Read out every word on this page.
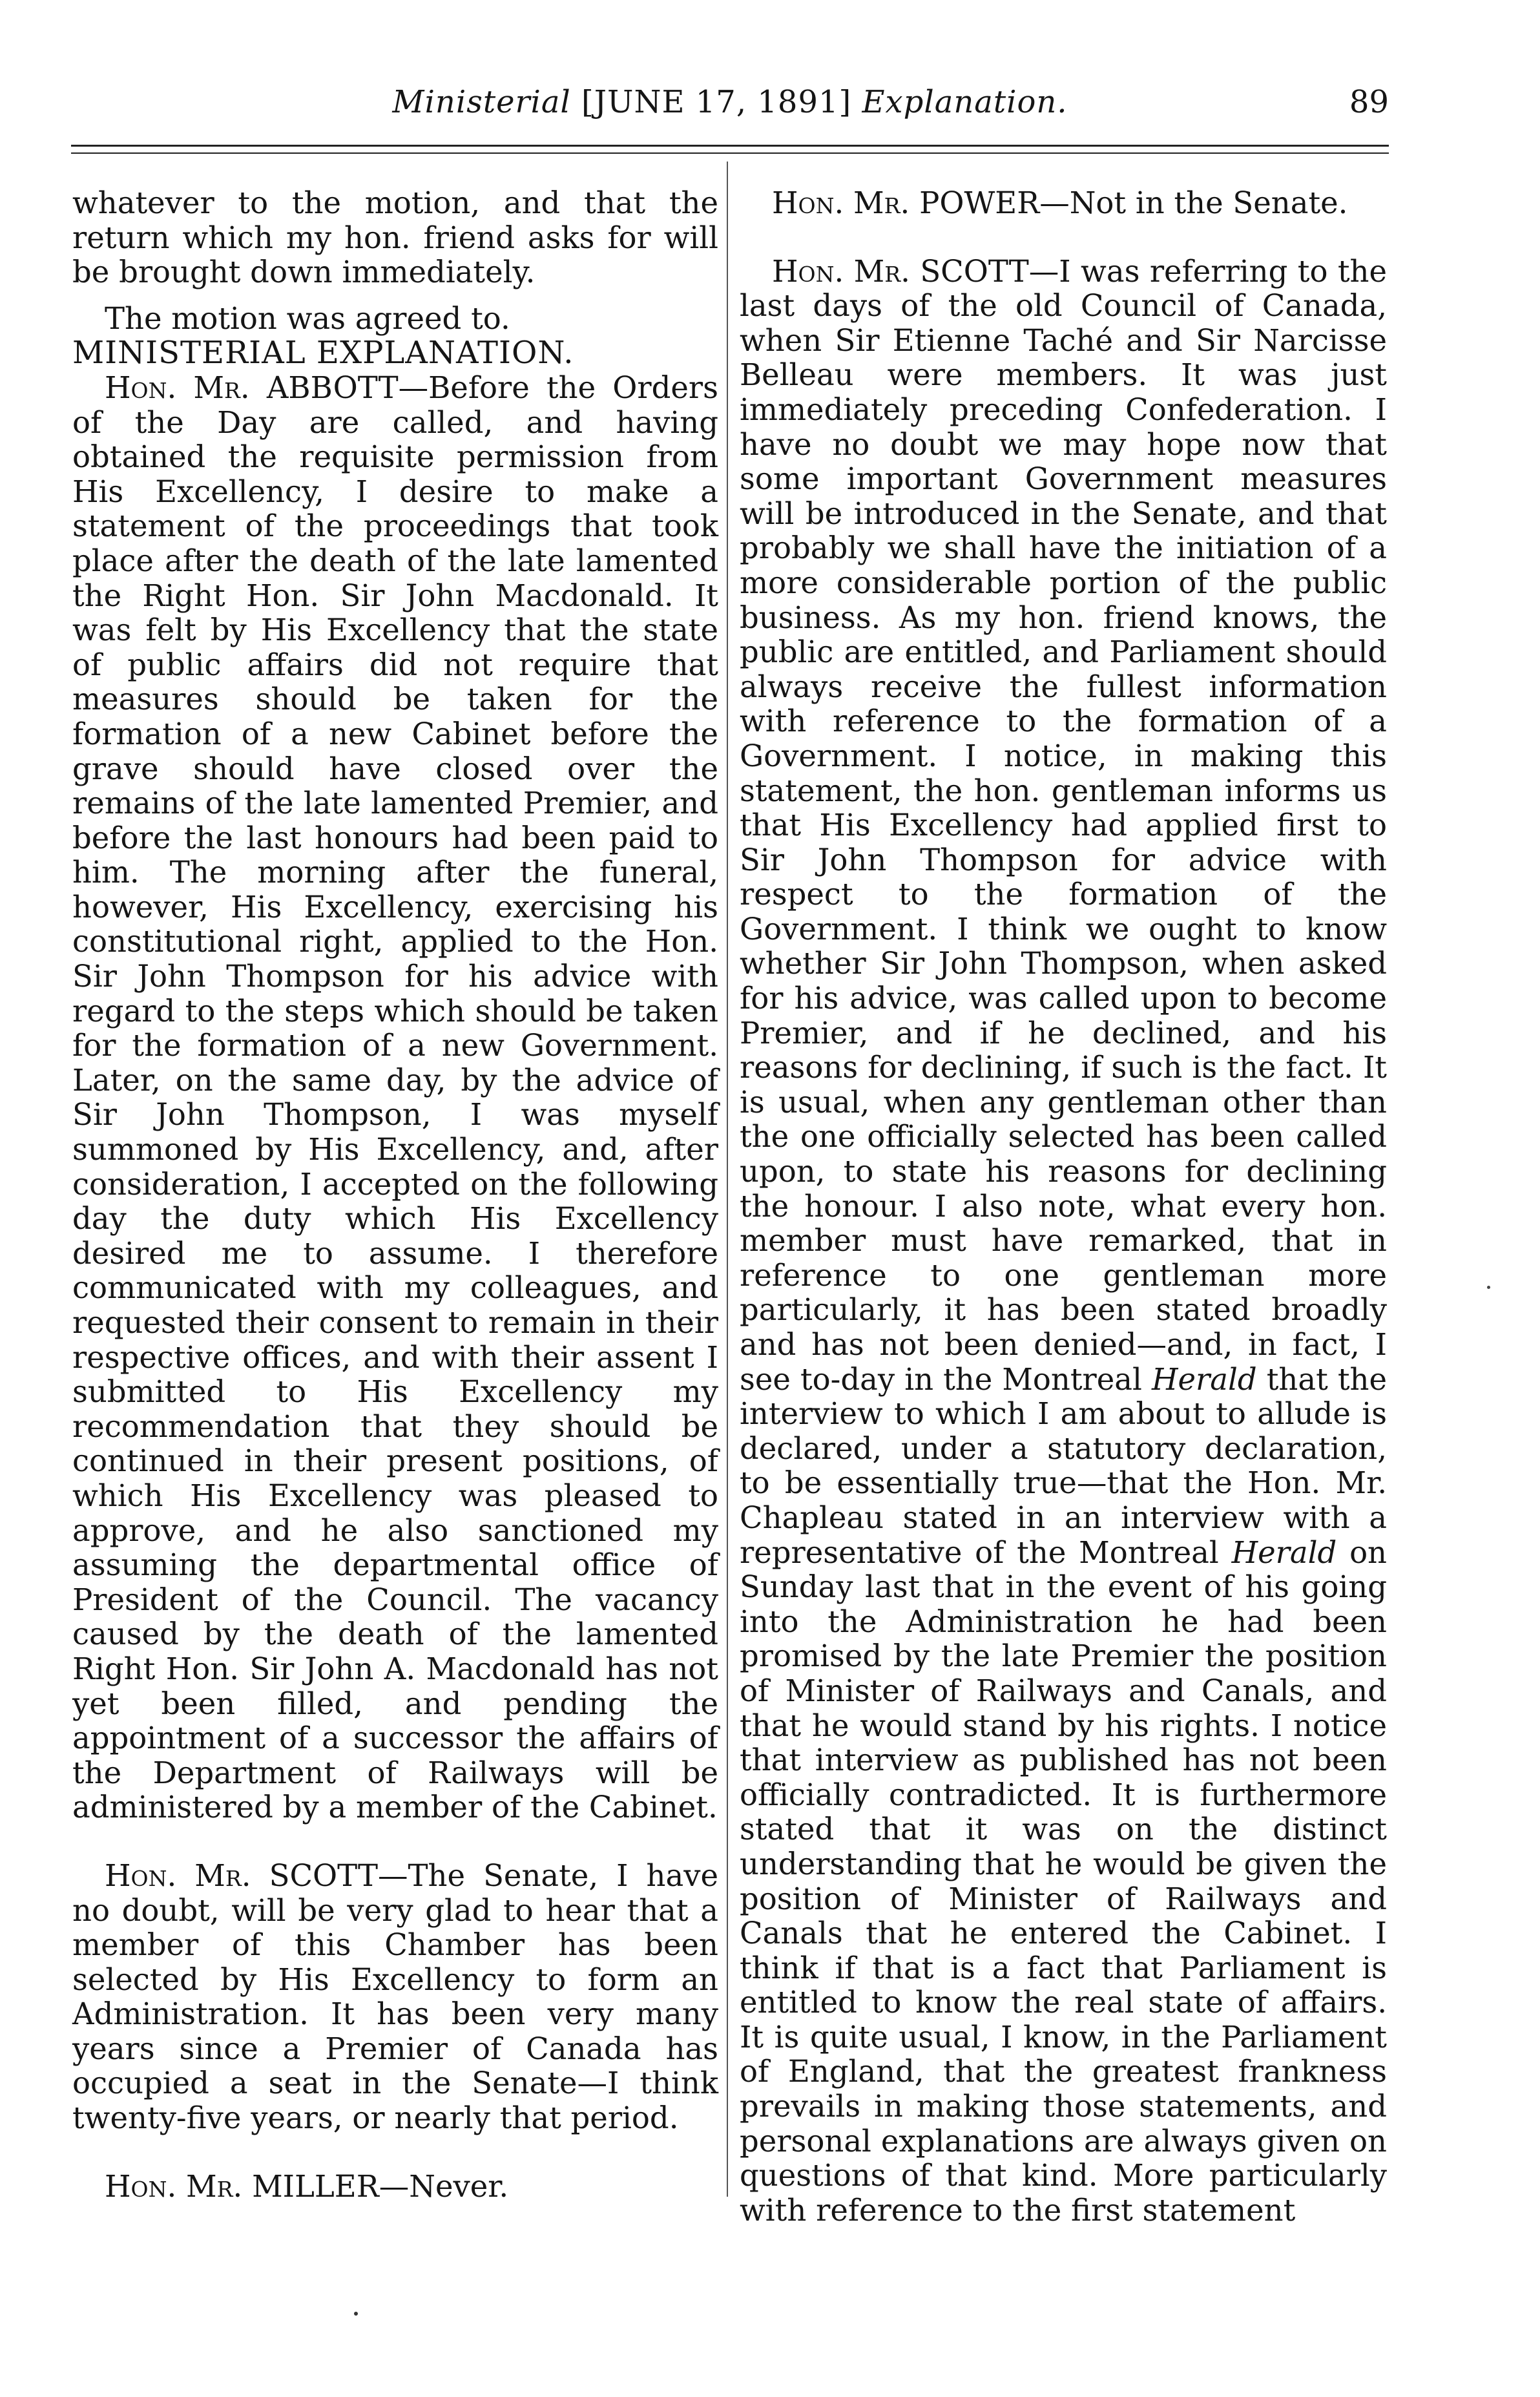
Ministerial [JUNE 17, 1891] Explanation.	89

whatever to the motion, and that the return which my hon. friend asks for will be brought down immediately.

The motion was agreed to.

MINISTERIAL EXPLANATION.

Hon. Mr. ABBOTT—Before the Orders of the Day are called, and having obtained the requisite permission from His Excellency, I desire to make a statement of the proceedings that took place after the death of the late lamented the Right Hon. Sir John Macdonald. It was felt by His Excellency that the state of public affairs did not require that measures should be taken for the formation of a new Cabinet before the grave should have closed over the remains of the late lamented Premier, and before the last honours had been paid to him. The morning after the funeral, however, His Excellency, exercising his constitutional right, applied to the Hon. Sir John Thompson for his advice with regard to the steps which should be taken for the formation of a new Government. Later, on the same day, by the advice of Sir John Thompson, I was myself summoned by His Excellency, and, after consideration, I accepted on the following day the duty which His Excellency desired me to assume. I therefore communicated with my colleagues, and requested their consent to remain in their respective offices, and with their assent I submitted to His Excellency my recommendation that they should be continued in their present positions, of which His Excellency was pleased to approve, and he also sanctioned my assuming the departmental office of President of the Council. The vacancy caused by the death of the lamented Right Hon. Sir John A. Macdonald has not yet been filled, and pending the appointment of a successor the affairs of the Department of Railways will be administered by a member of the Cabinet.

Hon. Mr. SCOTT—The Senate, I have no doubt, will be very glad to hear that a member of this Chamber has been selected by His Excellency to form an Administration. It has been very many years since a Premier of Canada has occupied a seat in the Senate—I think twenty-five years, or nearly that period.

Hon. Mr. MILLER—Never.

Hon. Mr. POWER—Not in the Senate.

Hon. Mr. SCOTT—I was referring to the last days of the old Council of Canada, when Sir Etienne Taché and Sir Narcisse Belleau were members. It was just immediately preceding Confederation. I have no doubt we may hope now that some important Government measures will be introduced in the Senate, and that probably we shall have the initiation of a more considerable portion of the public business. As my hon. friend knows, the public are entitled, and Parliament should always receive the fullest information with reference to the formation of a Government. I notice, in making this statement, the hon. gentleman informs us that His Excellency had applied first to Sir John Thompson for advice with respect to the formation of the Government. I think we ought to know whether Sir John Thompson, when asked for his advice, was called upon to become Premier, and if he declined, and his reasons for declining, if such is the fact. It is usual, when any gentleman other than the one officially selected has been called upon, to state his reasons for declining the honour. I also note, what every hon. member must have remarked, that in reference to one gentleman more particularly, it has been stated broadly and has not been denied—and, in fact, I see to-day in the Montreal Herald that the interview to which I am about to allude is declared, under a statutory declaration, to be essentially true—that the Hon. Mr. Chapleau stated in an interview with a representative of the Montreal Herald on Sunday last that in the event of his going into the Administration he had been promised by the late Premier the position of Minister of Railways and Canals, and that he would stand by his rights. I notice that interview as published has not been officially contradicted. It is furthermore stated that it was on the distinct understanding that he would be given the position of Minister of Railways and Canals that he entered the Cabinet. I think if that is a fact that Parliament is entitled to know the real state of affairs. It is quite usual, I know, in the Parliament of England, that the greatest frankness prevails in making those statements, and personal explanations are always given on questions of that kind. More particularly with reference to the first statement
